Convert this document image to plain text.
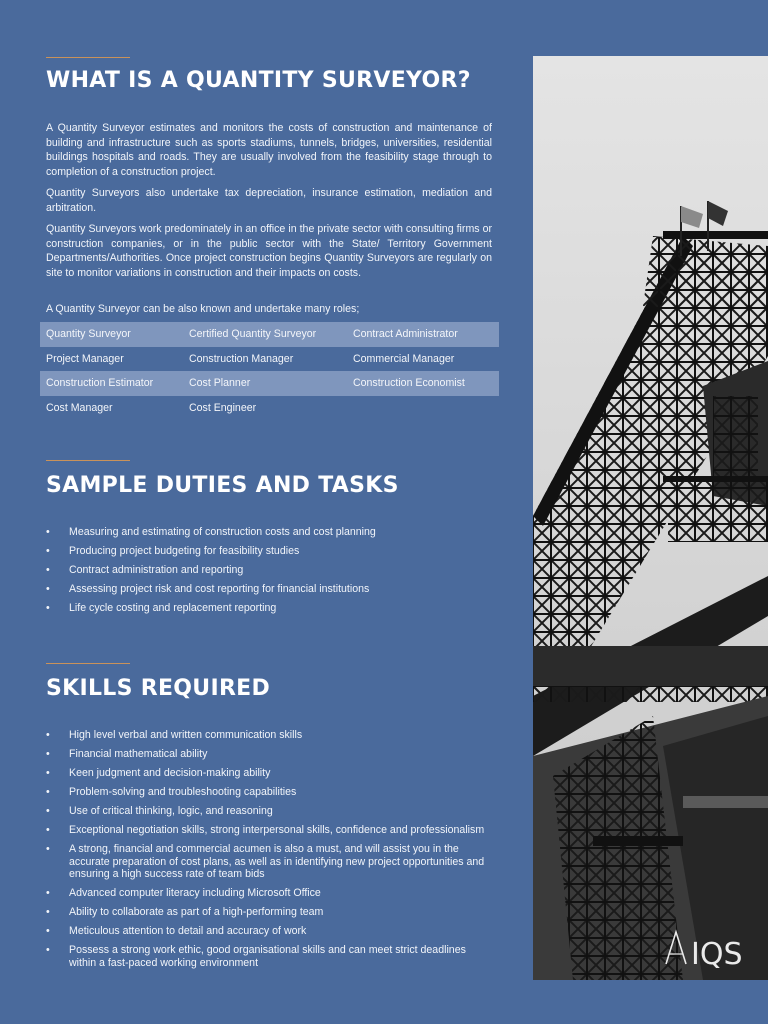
WHAT IS A QUANTITY SURVEYOR?

A Quantity Surveyor estimates and monitors the costs of construction and maintenance of building and infrastructure such as sports stadiums, tunnels, bridges, universities, residential buildings hospitals and roads. They are usually involved from the feasibility stage through to completion of a construction project.

Quantity Surveyors also undertake tax depreciation, insurance estimation, mediation and arbitration.

Quantity Surveyors work predominately in an office in the private sector with consulting firms or construction companies, or in the public sector with the State/ Territory Government Departments/Authorities. Once project construction begins Quantity Surveyors are regularly on site to monitor variations in construction and their impacts on costs.

A Quantity Surveyor can be also known and undertake many roles;

Quantity Surveyor	Certified Quantity Surveyor	Contract Administrator
Project Manager	Construction Manager	Commercial Manager
Construction Estimator	Cost Planner	Construction Economist
Cost Manager	Cost Engineer
SAMPLE DUTIES AND TASKS
• Measuring and estimating of construction costs and cost planning
• Producing project budgeting for feasibility studies
• Contract administration and reporting
• Assessing project risk and cost reporting for financial institutions
• Life cycle costing and replacement reporting
SKILLS REQUIRED
• High level verbal and written communication skills
• Financial mathematical ability
• Keen judgment and decision-making ability
• Problem-solving and troubleshooting capabilities
• Use of critical thinking, logic, and reasoning
• Exceptional negotiation skills, strong interpersonal skills, confidence and professionalism
• A strong, financial and commercial acumen is also a must, and will assist you in the accurate preparation of cost plans, as well as in identifying new project opportunities and ensuring a high success rate of team bids
• Advanced computer literacy including Microsoft Office
• Ability to collaborate as part of a high-performing team
• Meticulous attention to detail and accuracy of work
• Possess a strong work ethic, good organisational skills and can meet strict deadlines within a fast-paced working environment	IQS
